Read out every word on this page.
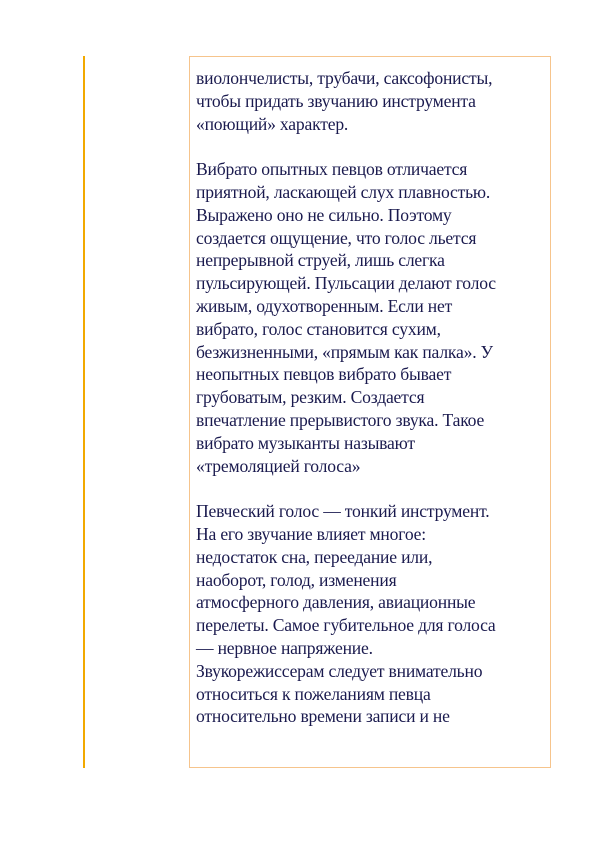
виолончелисты, трубачи, саксофонисты,
чтобы придать звучанию инструмента
«поющий» характер.

Вибрато опытных певцов отличается
приятной, ласкающей слух плавностью.
Выражено оно не сильно. Поэтому
создается ощущение, что голос льется
непрерывной струей, лишь слегка
пульсирующей. Пульсации делают голос
живым, одухотворенным. Если нет
вибрато, голос становится сухим,
безжизненными, «прямым как палка». У
неопытных певцов вибрато бывает
грубоватым, резким. Создается
впечатление прерывистого звука. Такое
вибрато музыканты называют
«тремоляцией голоса»

Певческий голос — тонкий инструмент.
На его звучание влияет многое:
недостаток сна, переедание или,
наоборот, голод, изменения
атмосферного давления, авиационные
перелеты. Самое губительное для голоса
— нервное напряжение.
Звукорежиссерам следует внимательно
относиться к пожеланиям певца
относительно времени записи и не
